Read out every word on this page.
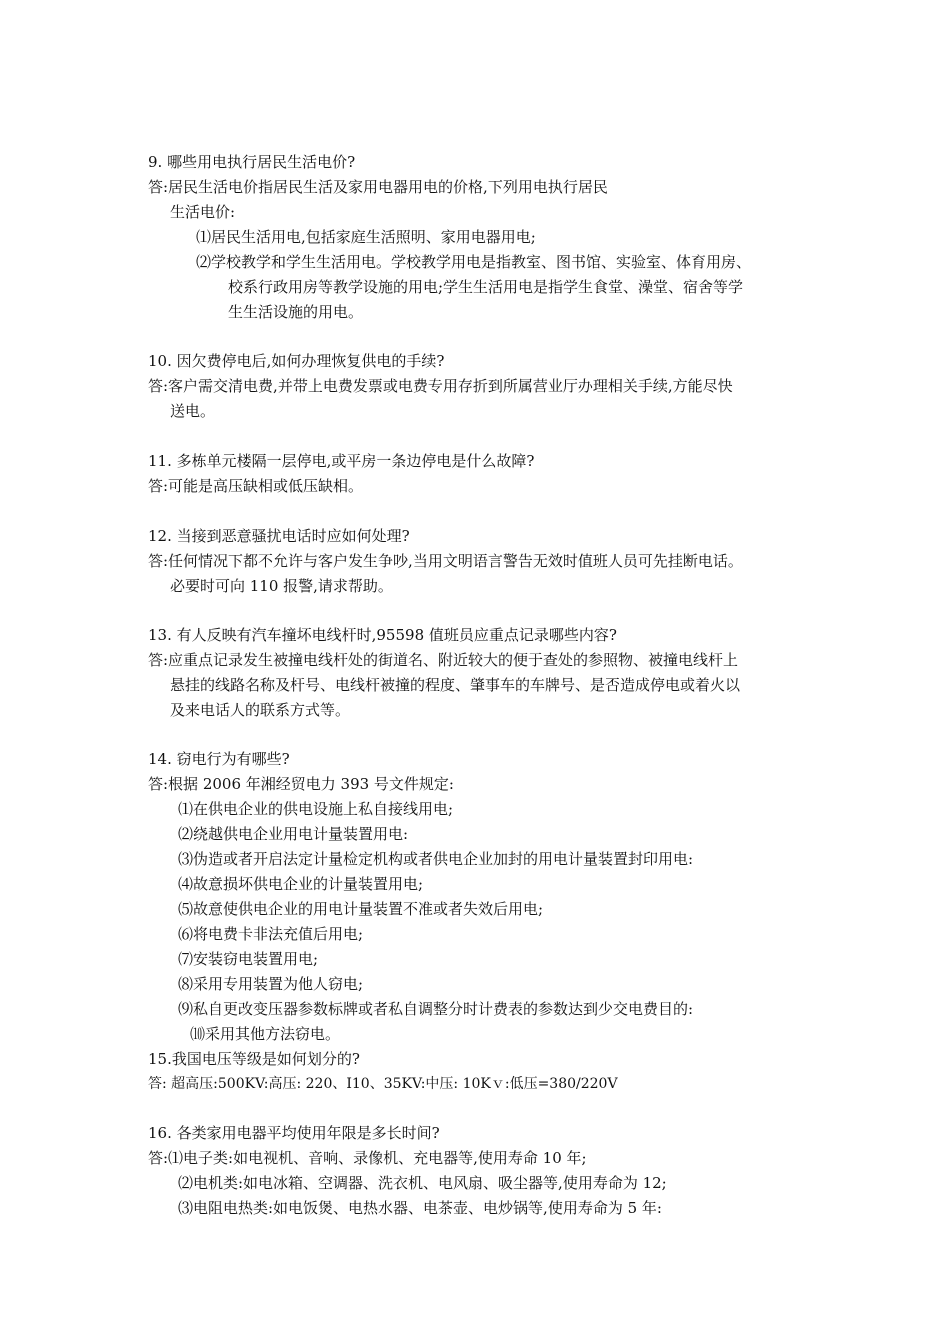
9. 哪些用电执行居民生活电价?
答:居民生活电价指居民生活及家用电器用电的价格,下列用电执行居民
生活电价:
⑴居民生活用电,包括家庭生活照明、家用电器用电;
⑵学校教学和学生生活用电。学校教学用电是指教室、图书馆、实验室、体育用房、
校系行政用房等教学设施的用电;学生生活用电是指学生食堂、澡堂、宿舍等学
生生活设施的用电。
10. 因欠费停电后,如何办理恢复供电的手续?
答:客户需交清电费,并带上电费发票或电费专用存折到所属营业厅办理相关手续,方能尽快
送电。
11. 多栋单元楼隔一层停电,或平房一条边停电是什么故障?
答:可能是高压缺相或低压缺相。
12. 当接到恶意骚扰电话时应如何处理?
答:任何情况下都不允许与客户发生争吵,当用文明语言警告无效时值班人员可先挂断电话。
必要时可向 110 报警,请求帮助。
13. 有人反映有汽车撞坏电线杆时,95598 值班员应重点记录哪些内容?
答:应重点记录发生被撞电线杆处的街道名、附近较大的便于查处的参照物、被撞电线杆上
悬挂的线路名称及杆号、电线杆被撞的程度、肇事车的车牌号、是否造成停电或着火以
及来电话人的联系方式等。
14. 窃电行为有哪些?
答:根据 2006 年湘经贸电力 393 号文件规定:
⑴在供电企业的供电设施上私自接线用电;
⑵绕越供电企业用电计量装置用电:
⑶伪造或者开启法定计量检定机构或者供电企业加封的用电计量装置封印用电:
⑷故意损坏供电企业的计量装置用电;
⑸故意使供电企业的用电计量装置不准或者失效后用电;
⑹将电费卡非法充值后用电;
⑺安装窃电装置用电;
⑻采用专用装置为他人窃电;
⑼私自更改变压器参数标牌或者私自调整分时计费表的参数达到少交电费目的:
⑽采用其他方法窃电。
15.我国电压等级是如何划分的?
答: 超高压:500KV:高压: 220、I10、35KV:中压: 10Kｖ:低压=380/220V
16. 各类家用电器平均使用年限是多长时间?
答:⑴电子类:如电视机、音响、录像机、充电器等,使用寿命 10 年;
⑵电机类:如电冰箱、空调器、洗衣机、电风扇、吸尘器等,使用寿命为 12;
⑶电阻电热类:如电饭煲、电热水器、电茶壶、电炒锅等,使用寿命为 5 年:
